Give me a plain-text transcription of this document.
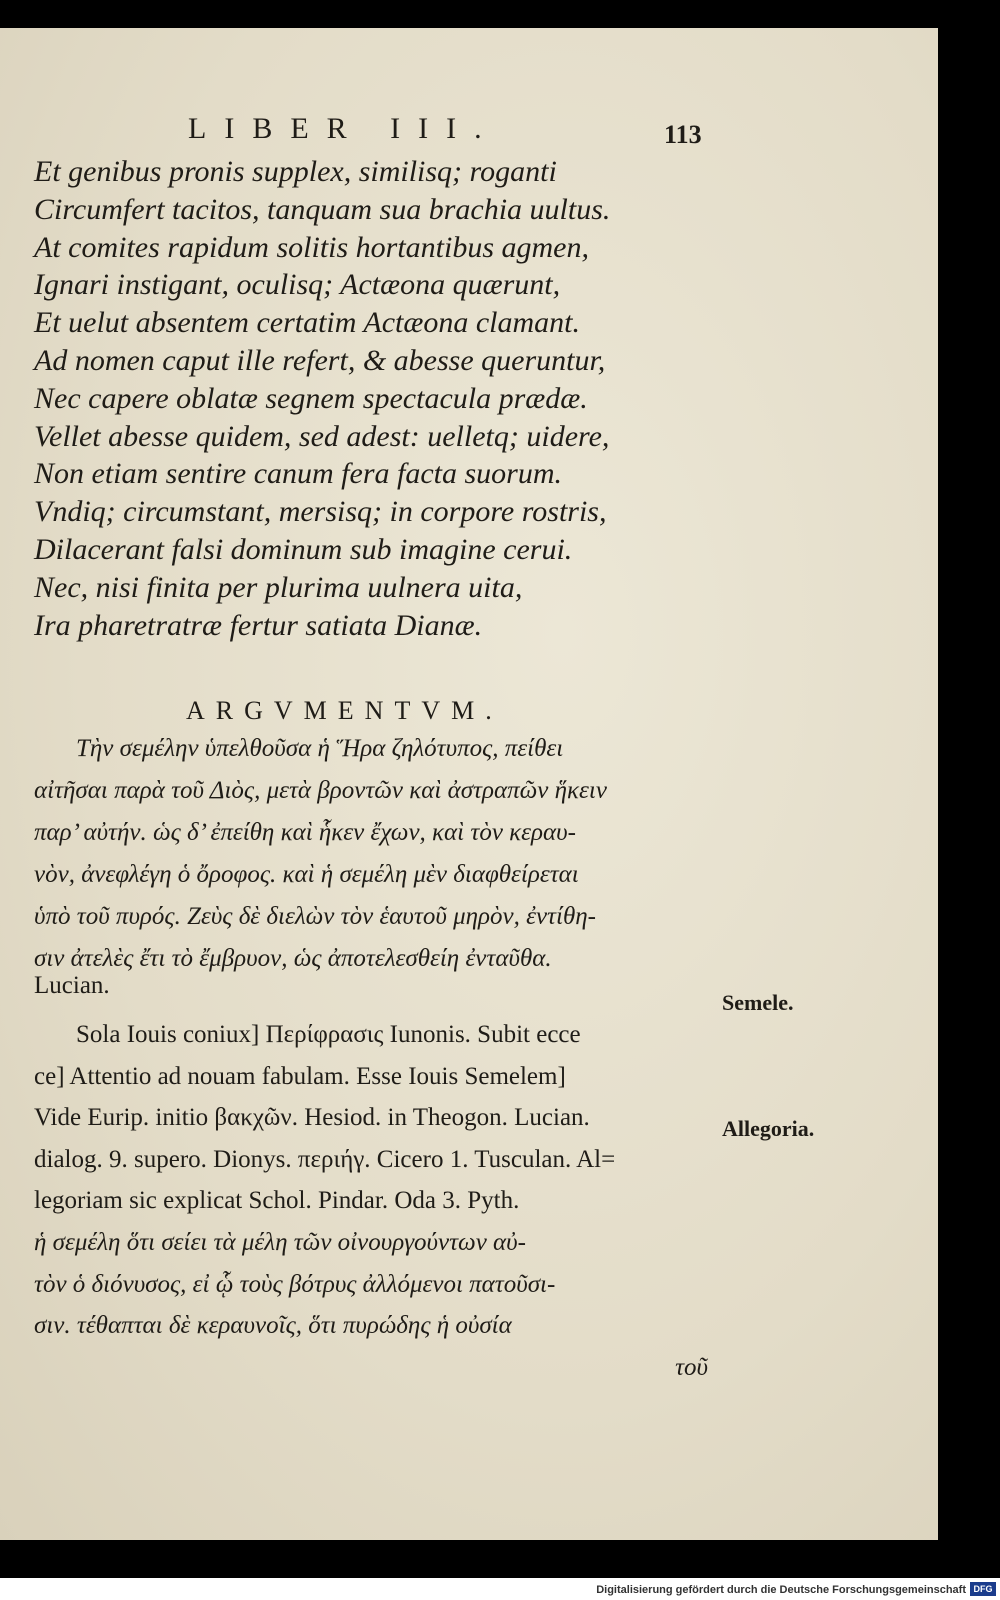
LIBER III.	113
Et genibus pronis supplex, similisq; roganti
Circumfert tacitos, tanquam sua brachia uultus.
At comites rapidum solitis hortantibus agmen,
Ignari instigant, oculisq; Actæona quærunt,
Et uelut absentem certatim Actæona clamant.
Ad nomen caput ille refert, & abesse queruntur,
Nec capere oblatæ segnem spectacula prædæ.
Vellet abesse quidem, sed adest: uelletq; uidere,
Non etiam sentire canum fera facta suorum.
Vndiq; circumstant, mersisq; in corpore rostris,
Dilacerant falsi dominum sub imagine cerui.
Nec, nisi finita per plurima uulnera uita,
Ira pharetratræ fertur satiata Dianæ.
ARGVMENTVM.
Τὴν σεμέλην ὑπελθοῦσα ἡ Ἥρα ζηλότυπος, πείθει
αἰτῆσαι παρὰ τοῦ Διὸς, μετὰ βροντῶν καὶ ἀστραπῶν ἥκειν
παρ’ αὐτήν. ὡς δ’ ἐπείθη καὶ ἧκεν ἔχων, καὶ τὸν κεραυ-
νὸν, ἀνεφλέγη ὁ ὄροφος. καὶ ἡ σεμέλη μὲν διαφθείρεται
ὑπὸ τοῦ πυρός. Ζεὺς δὲ διελὼν τὸν ἑαυτοῦ μηρὸν, ἐντίθη-
σιν ἀτελὲς ἔτι τὸ ἔμβρυον, ὡς ἀποτελεσθείη ἐνταῦθα.
Lucian.
Sola Iouis coniux] Περίφρασις Iunonis. Subit ecce
ce] Attentio ad nouam fabulam. Esse Iouis Semelem]
Vide Eurip. initio βακχῶν. Hesiod. in Theogon. Lucian.
dialog. 9. supero. Dionys. περιήγ. Cicero 1. Tusculan. Al=
legoriam sic explicat Schol. Pindar. Oda 3. Pyth.
ἡ σεμέλη ὅτι σείει τὰ μέλη τῶν οἰνουργούντων αὐ-
τὸν ὁ διόνυσος, εἰ ᾧ τοὺς βότρυς ἀλλόμενοι πατοῦσι-
σιν. τέθαπται δὲ κεραυνοῖς, ὅτι πυρώδης ἡ οὐσία
τοῦ
Semele.
Allegoria.
Digitalisierung gefördert durch die Deutsche Forschungsgemeinschaft DFG
